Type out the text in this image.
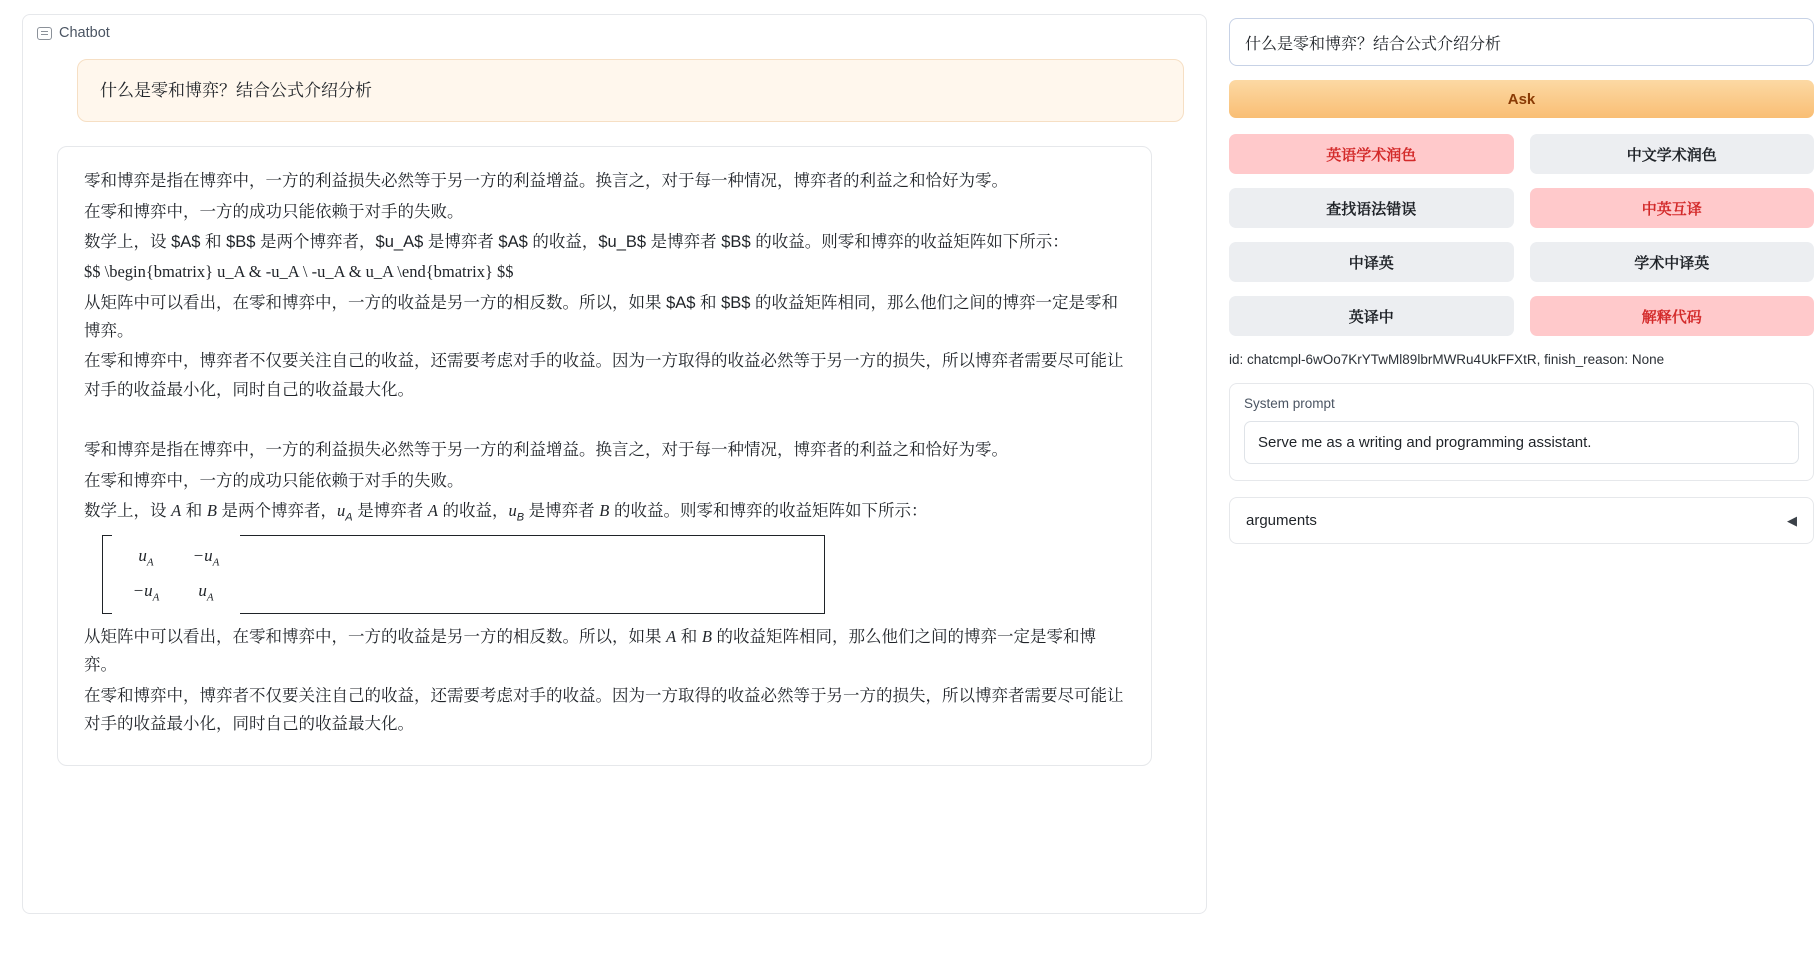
Chatbot
什么是零和博弈？结合公式介绍分析

零和博弈是指在博弈中，一方的利益损失必然等于另一方的利益增益。换言之，对于每一种情况，博弈者的利益之和恰好为零。

在零和博弈中，一方的成功只能依赖于对手的失败。

数学上，设 $A$ 和 $B$ 是两个博弈者，$u_A$ 是博弈者 $A$ 的收益，$u_B$ 是博弈者 $B$ 的收益。则零和博弈的收益矩阵如下所示：

$$ \begin{bmatrix} u_A & -u_A \ -u_A & u_A \end{bmatrix} $$

从矩阵中可以看出，在零和博弈中，一方的收益是另一方的相反数。所以，如果 $A$ 和 $B$ 的收益矩阵相同，那么他们之间的博弈一定是零和博弈。

在零和博弈中，博弈者不仅要关注自己的收益，还需要考虑对手的收益。因为一方取得的收益必然等于另一方的损失，所以博弈者需要尽可能让对手的收益最小化，同时自己的收益最大化。

零和博弈是指在博弈中，一方的利益损失必然等于另一方的利益增益。换言之，对于每一种情况，博弈者的利益之和恰好为零。

在零和博弈中，一方的成功只能依赖于对手的失败。

数学上，设 A 和 B 是两个博弈者，$u_A$ 是博弈者 A 的收益，$u_B$ 是博弈者 B 的收益。则零和博弈的收益矩阵如下所示：

$u_A$	$-u_A$
$-u_A$	$u_A$

从矩阵中可以看出，在零和博弈中，一方的收益是另一方的相反数。所以，如果 A 和 B 的收益矩阵相同，那么他们之间的博弈一定是零和博弈。

在零和博弈中，博弈者不仅要关注自己的收益，还需要考虑对手的收益。因为一方取得的收益必然等于另一方的损失，所以博弈者需要尽可能让对手的收益最小化，同时自己的收益最大化。

什么是零和博弈？结合公式介绍分析 Ask
英语学术润色	中文学术润色
查找语法错误	中英互译
中译英	学术中译英
英译中	解释代码
id: chatcmpl-6wOo7KrYTwMl89lbrMWRu4UkFFXtR, finish_reason: None
System prompt
Serve me as a writing and programming assistant.
arguments	◀
